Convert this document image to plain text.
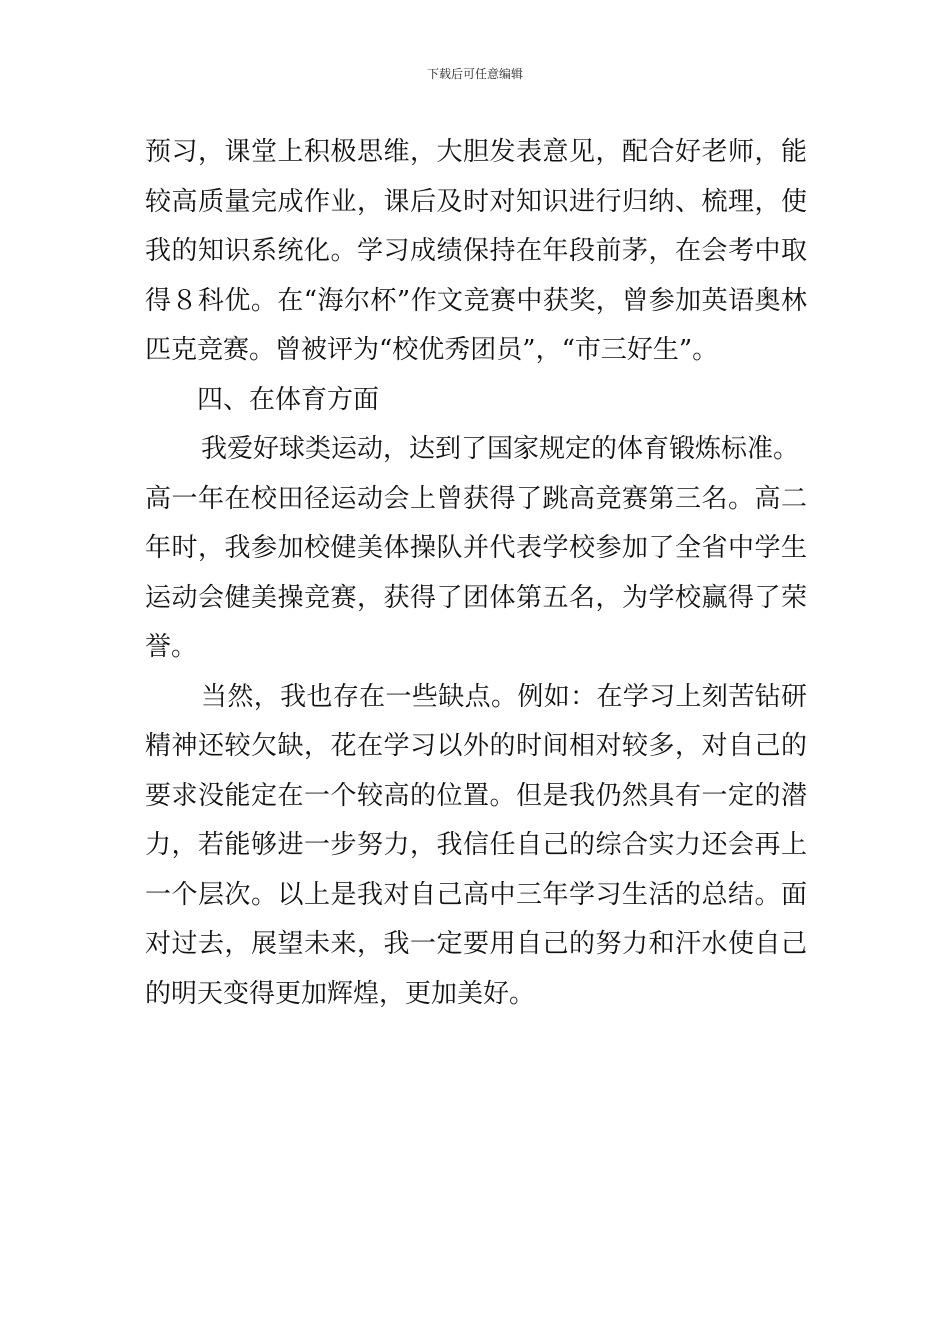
下载后可任意编辑
预习，课堂上积极思维，大胆发表意见，配合好老师，能
较高质量完成作业，课后及时对知识进行归纳、梳理，使
我的知识系统化。学习成绩保持在年段前茅，在会考中取
得８科优。在“海尔杯”作文竞赛中获奖，曾参加英语奥林
匹克竞赛。曾被评为“校优秀团员”，“市三好生”。
四、在体育方面
我爱好球类运动，达到了国家规定的体育锻炼标准。
高一年在校田径运动会上曾获得了跳高竞赛第三名。高二
年时，我参加校健美体操队并代表学校参加了全省中学生
运动会健美操竞赛，获得了团体第五名，为学校赢得了荣
誉。
当然，我也存在一些缺点。例如：在学习上刻苦钻研
精神还较欠缺，花在学习以外的时间相对较多，对自己的
要求没能定在一个较高的位置。但是我仍然具有一定的潜
力，若能够进一步努力，我信任自己的综合实力还会再上
一个层次。以上是我对自己高中三年学习生活的总结。面
对过去，展望未来，我一定要用自己的努力和汗水使自己
的明天变得更加辉煌，更加美好。
